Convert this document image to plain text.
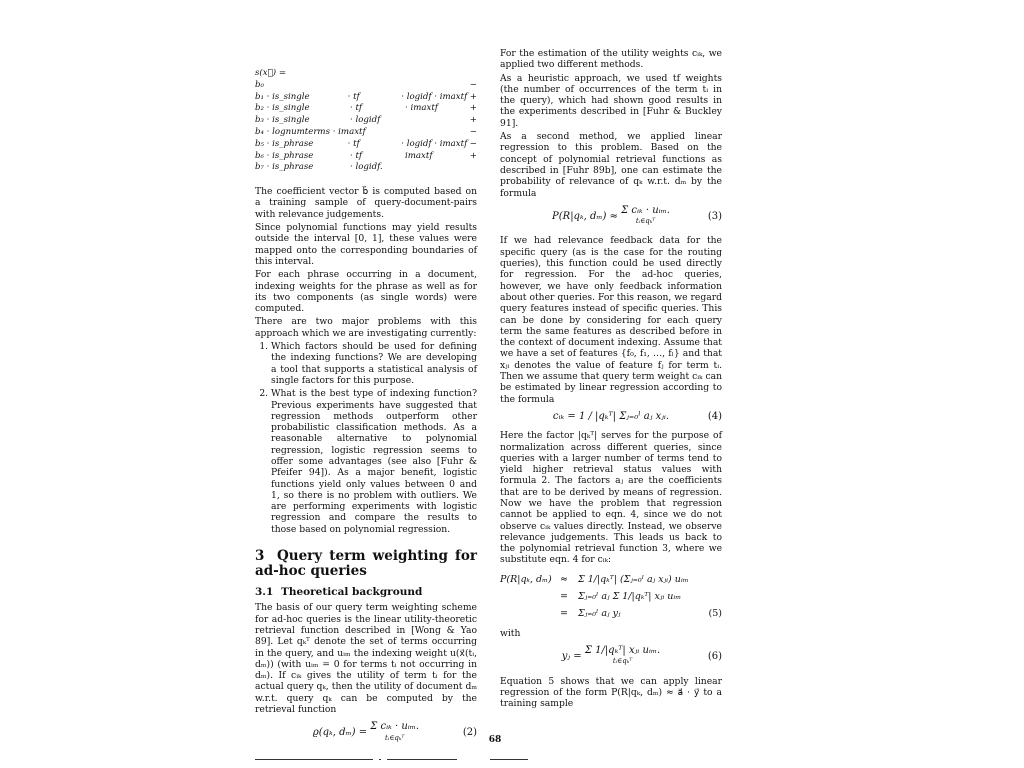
s(x⃗) =
b₀	−
b₁ · is_single	· tf	· logidf · imaxtf +
b₂ · is_single	· tf	· imaxtf	+
b₃ · is_single	· logidf	+
b₄ · lognumterms · imaxtf	−
b₅ · is_phrase	· tf	· logidf · imaxtf −
b₆ · is_phrase	· tf	imaxtf	+
b₇ · is_phrase	· logidf.

The coefficient vector b⃗ is computed based on a training sample of query-document-pairs with relevance judgements.

Since polynomial functions may yield results outside the interval [0, 1], these values were mapped onto the corresponding boundaries of this interval.

For each phrase occurring in a document, indexing weights for the phrase as well as for its two components (as single words) were computed.

There are two major problems with this approach which we are investigating currently:

1. Which factors should be used for defining the indexing functions? We are developing a tool that supports a statistical analysis of single factors for this purpose.
2. What is the best type of indexing function? Previous experiments have suggested that regression methods outperform other probabilistic classification methods. As a reasonable alternative to polynomial regression, logistic regression seems to offer some advantages (see also [Fuhr & Pfeifer 94]). As a major benefit, logistic functions yield only values between 0 and 1, so there is no problem with outliers. We are performing experiments with logistic regression and compare the results to those based on polynomial regression.
3 Query term weighting for ad-hoc queries
3.1 Theoretical background

The basis of our query term weighting scheme for ad-hoc queries is the linear utility-theoretic retrieval function described in [Wong & Yao 89]. Let qₖᵀ denote the set of terms occurring in the query, and uᵢₘ the indexing weight u(x⃗(tᵢ, dₘ)) (with uᵢₘ = 0 for terms tᵢ not occurring in dₘ). If cᵢₖ gives the utility of term tᵢ for the actual query qₖ, then the utility of document dₘ w.r.t. query qₖ can be computed by the retrieval function

ϱ(qₖ, dₘ) =

Σ cᵢₖ · uᵢₘ.
tᵢ∈qₖᵀ	(2)

For the estimation of the utility weights cᵢₖ, we applied two different methods.

As a heuristic approach, we used tf weights (the number of occurrences of the term tᵢ in the query), which had shown good results in the experiments described in [Fuhr & Buckley 91].

As a second method, we applied linear regression to this problem. Based on the concept of polynomial retrieval functions as described in [Fuhr 89b], one can estimate the probability of relevance of qₖ w.r.t. dₘ by the formula

P(R|qₖ, dₘ) ≈

Σ cᵢₖ · uᵢₘ.
tᵢ∈qₖᵀ	(3)

If we had relevance feedback data for the specific query (as is the case for the routing queries), this function could be used directly for regression. For the ad-hoc queries, however, we have only feedback information about other queries. For this reason, we regard query features instead of specific queries. This can be done by considering for each query term the same features as described before in the context of document indexing. Assume that we have a set of features {f₀, f₁, …, fₗ} and that xⱼᵢ denotes the value of feature fⱼ for term tᵢ. Then we assume that query term weight cᵢₖ can be estimated by linear regression according to the formula

cᵢₖ =
1 / |qₖᵀ|
Σⱼ₌₀ˡ aⱼ xⱼᵢ.	(4)

Here the factor |qₖᵀ| serves for the purpose of normalization across different queries, since queries with a larger number of terms tend to yield higher retrieval status values with formula 2. The factors aⱼ are the coefficients that are to be derived by means of regression. Now we have the problem that regression cannot be applied to eqn. 4, since we do not observe cᵢₖ values directly. Instead, we observe relevance judgements. This leads us back to the polynomial retrieval function 3, where we substitute eqn. 4 for cᵢₖ:

P(R|qₖ, dₘ) ≈	Σ 1/|qₖᵀ| (Σⱼ₌₀ˡ aⱼ xⱼᵢ) uᵢₘ
=	Σⱼ₌₀ˡ aⱼ Σ 1/|qₖᵀ| xⱼᵢ uᵢₘ
=	Σⱼ₌₀ˡ aⱼ yⱼ	(5)

with

yⱼ =

Σ 1/|qₖᵀ| xⱼᵢ uᵢₘ.
tᵢ∈qₖᵀ	(6)

Equation 5 shows that we can apply linear regression of the form P(R|qₖ, dₘ) ≈ a⃗ · y⃗ to a training sample

68
